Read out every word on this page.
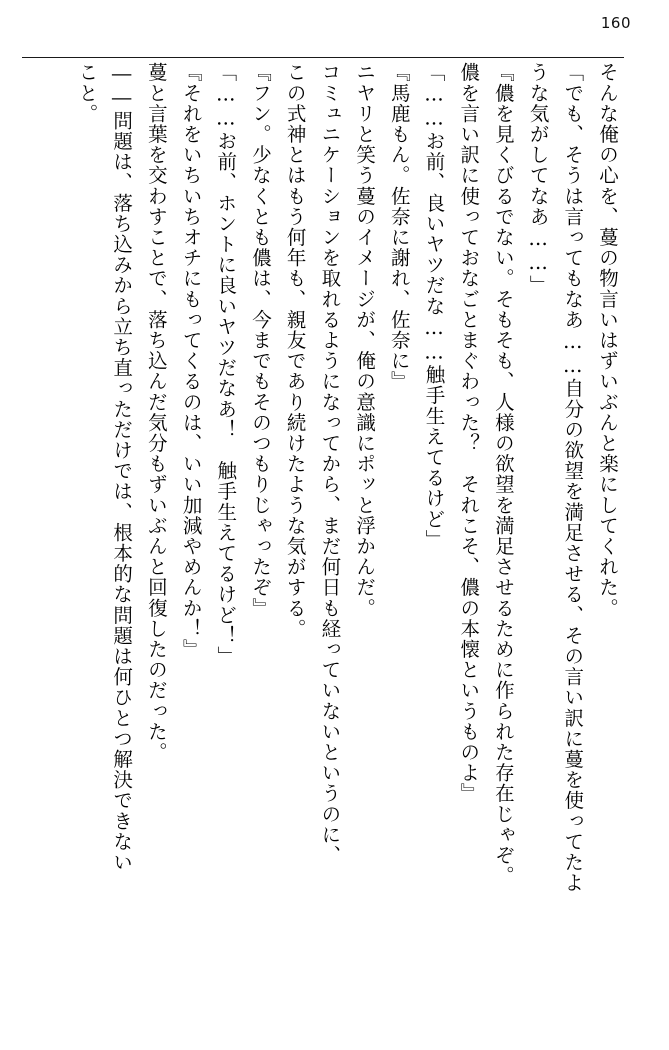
160

そんな俺の心を、蔓の物言いはずいぶんと楽にしてくれた。

「でも、そうは言ってもなあ……自分の欲望を満足させる、その言い訳に蔓を使ってたよ

うな気がしてなあ……」

『儂を見くびるでない。そもそも、人様の欲望を満足させるために作られた存在じゃぞ。

儂を言い訳に使っておなごとまぐわった？　それこそ、儂の本懐というものよ』

「……お前、良いヤツだな……触手生えてるけど」

『馬鹿もん。佐奈に謝れ、佐奈に』

ニヤリと笑う蔓のイメージが、俺の意識にポッと浮かんだ。

コミュニケーションを取れるようになってから、まだ何日も経っていないというのに、

この式神とはもう何年も、親友であり続けたような気がする。

『フン。少なくとも儂は、今までもそのつもりじゃったぞ』

「……お前、ホントに良いヤツだなあ！　触手生えてるけど！」

『それをいちいちオチにもってくるのは、いい加減やめんか！』

蔓と言葉を交わすことで、落ち込んだ気分もずいぶんと回復したのだった。

――問題は、落ち込みから立ち直っただけでは、根本的な問題は何ひとつ解決できない

こと。
